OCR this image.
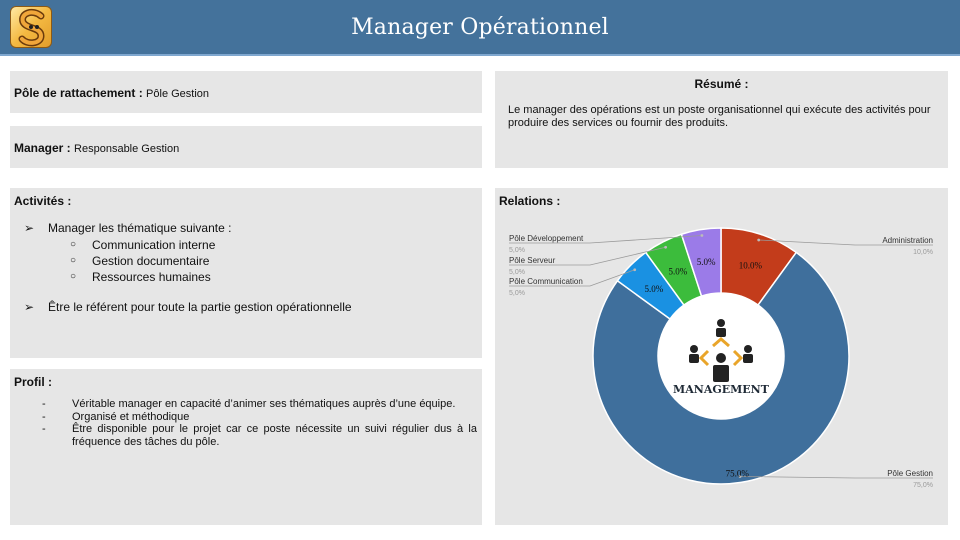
Manager Opérationnel
Pôle de rattachement : Pôle Gestion
Manager : Responsable Gestion
Résumé :
Le manager des opérations est un poste organisationnel qui exécute des activités pour produire des services ou fournir des produits.
Activités :
➢ Manager les thématique suivante :
○ Communication interne
○ Gestion documentaire
○ Ressources humaines
➢ Être le référent pour toute la partie gestion opérationnelle
Profil :
- Véritable manager en capacité d’animer ses thématiques auprès d’une équipe.
- Organisé et méthodique
- Être disponible pour le projet car ce poste nécessite un suivi régulier dus à la fréquence des tâches du pôle.
Relations :
10.0%
75.0%
5.0%
5.0%
5.0%
Administration
10,0%
Pôle Gestion
75,0%
Pôle Communication
5,0%
Pôle Serveur
5,0%
Pôle Développement
5,0%
MANAGEMENT
